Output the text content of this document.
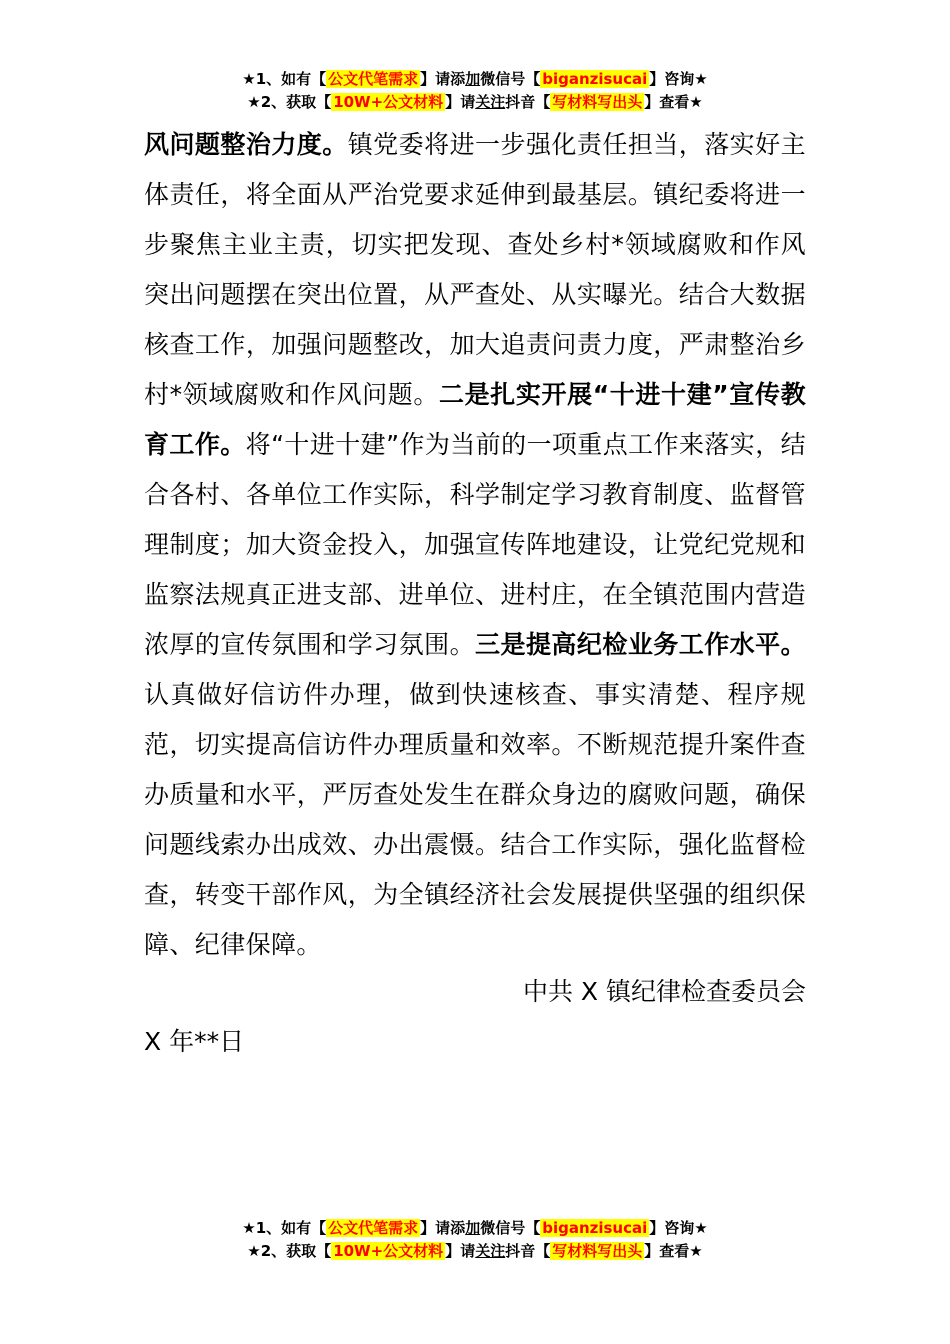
★1、如有【 公文代笔需求 】请添加微信号【 biganzisucai 】咨询★
★2、获取【 10W+公文材料 】请关注抖音【 写材料写出头 】查看★
风问题整治力度。镇党委将进一步强化责任担当，落实好主体责任，将全面从严治党要求延伸到最基层。镇纪委将进一步聚焦主业主责，切实把发现、查处乡村*领域腐败和作风突出问题摆在突出位置，从严查处、从实曝光。结合大数据核查工作，加强问题整改，加大追责问责力度，严肃整治乡村*领域腐败和作风问题。二是扎实开展“十进十建”宣传教育工作。将“十进十建”作为当前的一项重点工作来落实，结合各村、各单位工作实际，科学制定学习教育制度、监督管理制度；加大资金投入，加强宣传阵地建设，让党纪党规和监察法规真正进支部、进单位、进村庄，在全镇范围内营造浓厚的宣传氛围和学习氛围。三是提高纪检业务工作水平。认真做好信访件办理，做到快速核查、事实清楚、程序规范，切实提高信访件办理质量和效率。不断规范提升案件查办质量和水平，严厉查处发生在群众身边的腐败问题，确保问题线索办出成效、办出震慑。结合工作实际，强化监督检查，转变干部作风，为全镇经济社会发展提供坚强的组织保障、纪律保障。
中共 X 镇纪律检查委员会
X 年**日
★1、如有【 公文代笔需求 】请添加微信号【 biganzisucai 】咨询★
★2、获取【 10W+公文材料 】请关注抖音【 写材料写出头 】查看★
